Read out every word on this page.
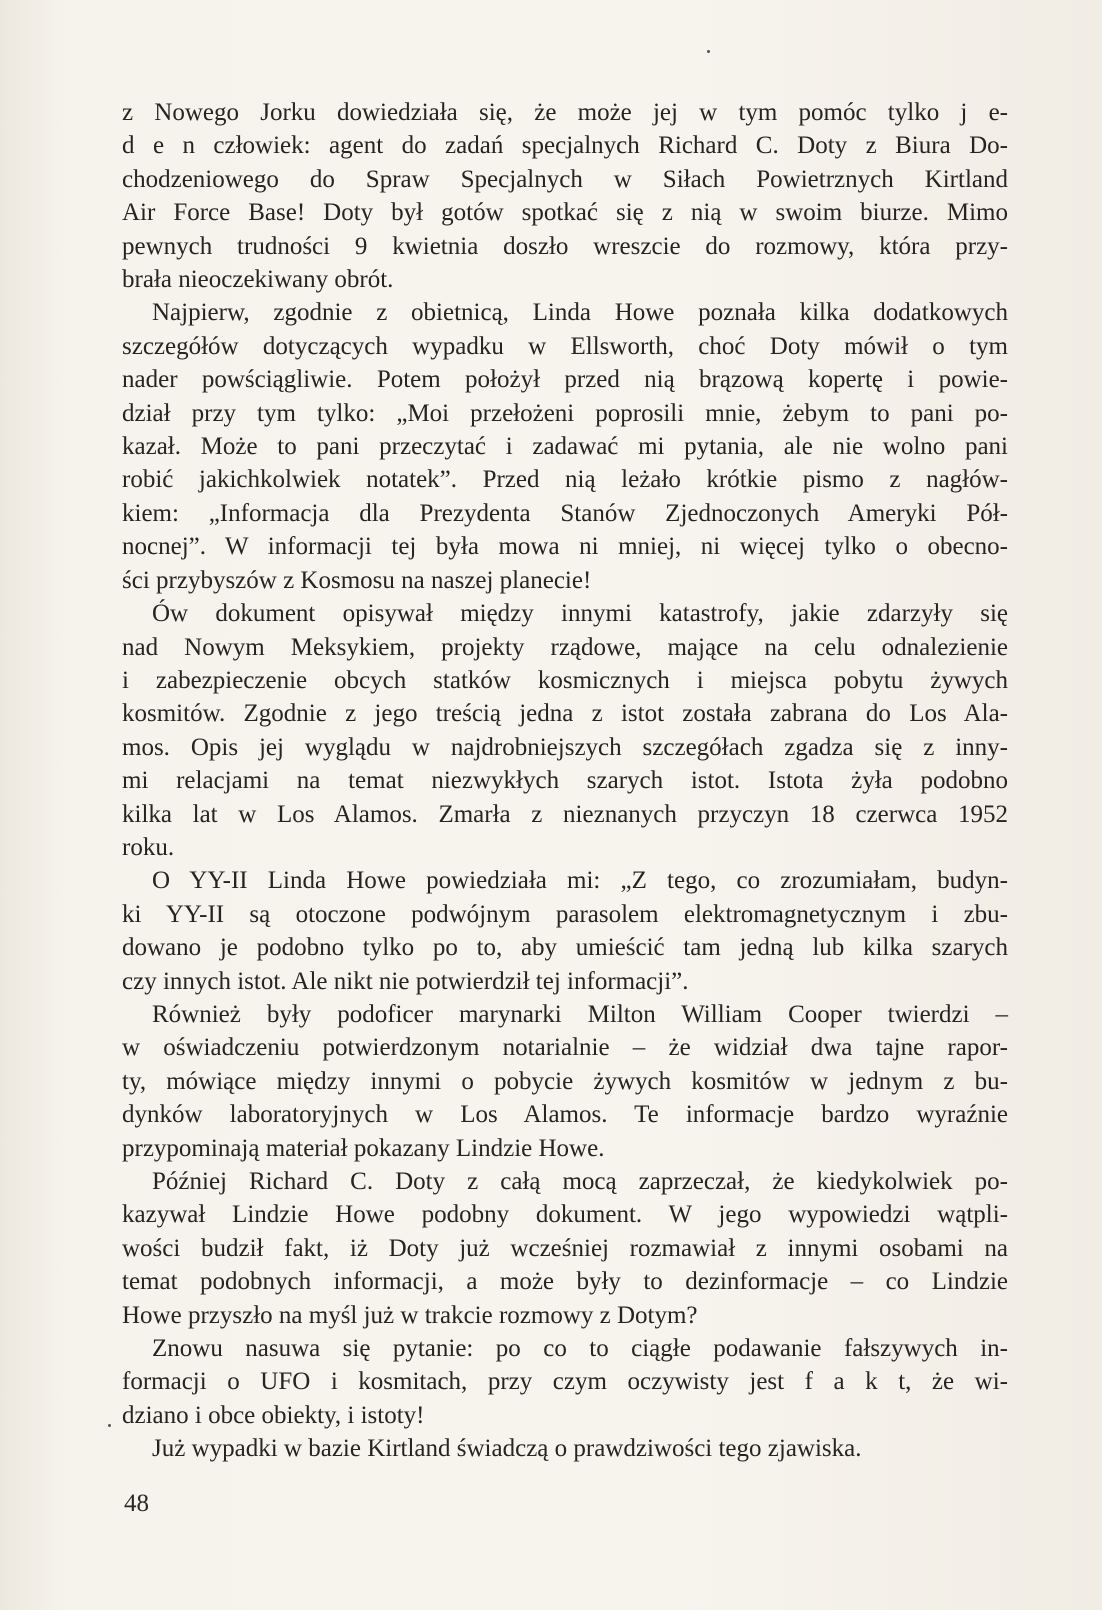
z Nowego Jorku dowiedziała się, że może jej w tym pomóc tylko j e-
d e n człowiek: agent do zadań specjalnych Richard C. Doty z Biura Do-
chodzeniowego do Spraw Specjalnych w Siłach Powietrznych Kirtland
Air Force Base! Doty był gotów spotkać się z nią w swoim biurze. Mimo
pewnych trudności 9 kwietnia doszło wreszcie do rozmowy, która przy-
brała nieoczekiwany obrót.

Najpierw, zgodnie z obietnicą, Linda Howe poznała kilka dodatkowych
szczegółów dotyczących wypadku w Ellsworth, choć Doty mówił o tym
nader powściągliwie. Potem położył przed nią brązową kopertę i powie-
dział przy tym tylko: „Moi przełożeni poprosili mnie, żebym to pani po-
kazał. Może to pani przeczytać i zadawać mi pytania, ale nie wolno pani
robić jakichkolwiek notatek”. Przed nią leżało krótkie pismo z nagłów-
kiem: „Informacja dla Prezydenta Stanów Zjednoczonych Ameryki Pół-
nocnej”. W informacji tej była mowa ni mniej, ni więcej tylko o obecno-
ści przybyszów z Kosmosu na naszej planecie!

Ów dokument opisywał między innymi katastrofy, jakie zdarzyły się
nad Nowym Meksykiem, projekty rządowe, mające na celu odnalezienie
i zabezpieczenie obcych statków kosmicznych i miejsca pobytu żywych
kosmitów. Zgodnie z jego treścią jedna z istot została zabrana do Los Ala-
mos. Opis jej wyglądu w najdrobniejszych szczegółach zgadza się z inny-
mi relacjami na temat niezwykłych szarych istot. Istota żyła podobno
kilka lat w Los Alamos. Zmarła z nieznanych przyczyn 18 czerwca 1952
roku.

O YY-II Linda Howe powiedziała mi: „Z tego, co zrozumiałam, budyn-
ki YY-II są otoczone podwójnym parasolem elektromagnetycznym i zbu-
dowano je podobno tylko po to, aby umieścić tam jedną lub kilka szarych
czy innych istot. Ale nikt nie potwierdził tej informacji”.

Również były podoficer marynarki Milton William Cooper twierdzi –
w oświadczeniu potwierdzonym notarialnie – że widział dwa tajne rapor-
ty, mówiące między innymi o pobycie żywych kosmitów w jednym z bu-
dynków laboratoryjnych w Los Alamos. Te informacje bardzo wyraźnie
przypominają materiał pokazany Lindzie Howe.

Później Richard C. Doty z całą mocą zaprzeczał, że kiedykolwiek po-
kazywał Lindzie Howe podobny dokument. W jego wypowiedzi wątpli-
wości budził fakt, iż Doty już wcześniej rozmawiał z innymi osobami na
temat podobnych informacji, a może były to dezinformacje – co Lindzie
Howe przyszło na myśl już w trakcie rozmowy z Dotym?

Znowu nasuwa się pytanie: po co to ciągłe podawanie fałszywych in-
formacji o UFO i kosmitach, przy czym oczywisty jest f a k t, że wi-
dziano i obce obiekty, i istoty!

Już wypadki w bazie Kirtland świadczą o prawdziwości tego zjawiska.

48
